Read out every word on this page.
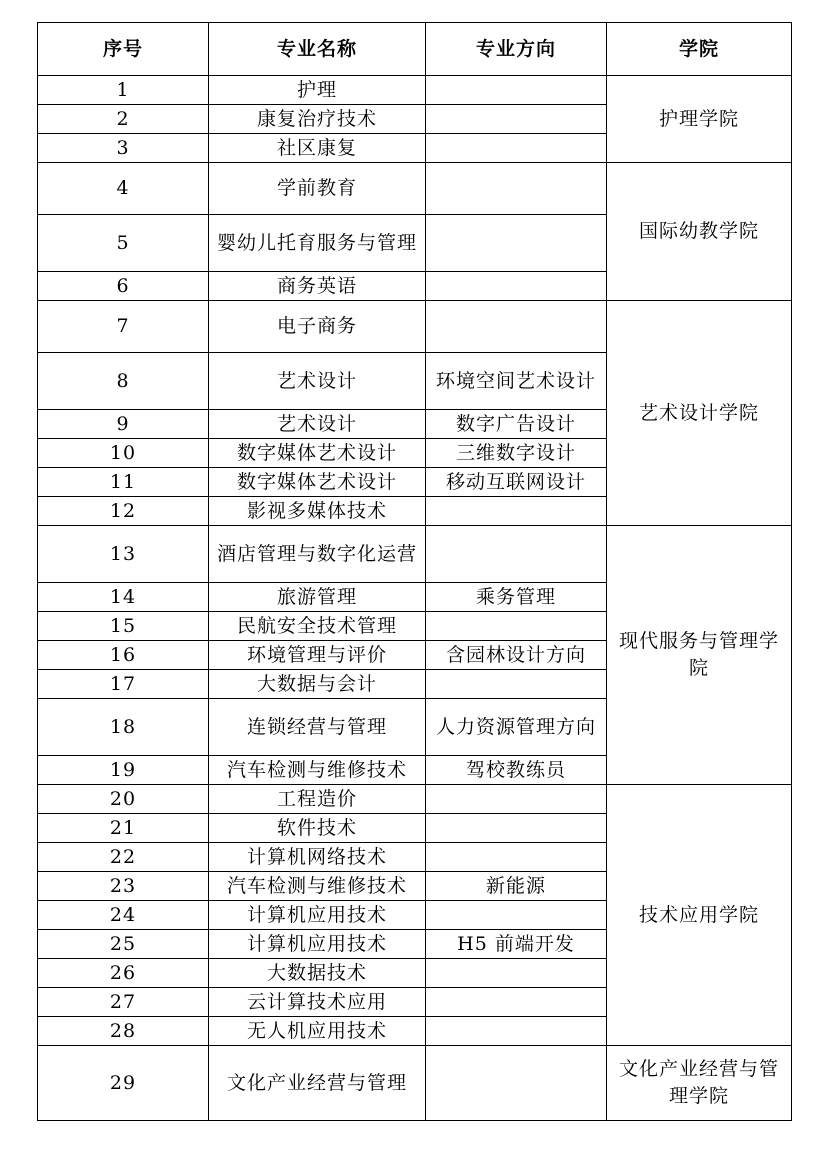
序号	专业名称	专业方向	学院
1	护理		护理学院
2	康复治疗技术		
3	社区康复		
4	学前教育		国际幼教学院
5	婴幼儿托育服务与管理		
6	商务英语		
7	电子商务		艺术设计学院
8	艺术设计	环境空间艺术设计	
9	艺术设计	数字广告设计	
10	数字媒体艺术设计	三维数字设计	
11	数字媒体艺术设计	移动互联网设计	
12	影视多媒体技术		
13	酒店管理与数字化运营		现代服务与管理学院
14	旅游管理	乘务管理	
15	民航安全技术管理		
16	环境管理与评价	含园林设计方向	
17	大数据与会计		
18	连锁经营与管理	人力资源管理方向	
19	汽车检测与维修技术	驾校教练员	
20	工程造价		技术应用学院
21	软件技术		
22	计算机网络技术		
23	汽车检测与维修技术	新能源	
24	计算机应用技术		
25	计算机应用技术	H5 前端开发	
26	大数据技术		
27	云计算技术应用		
28	无人机应用技术		
29	文化产业经营与管理		文化产业经营与管理学院
